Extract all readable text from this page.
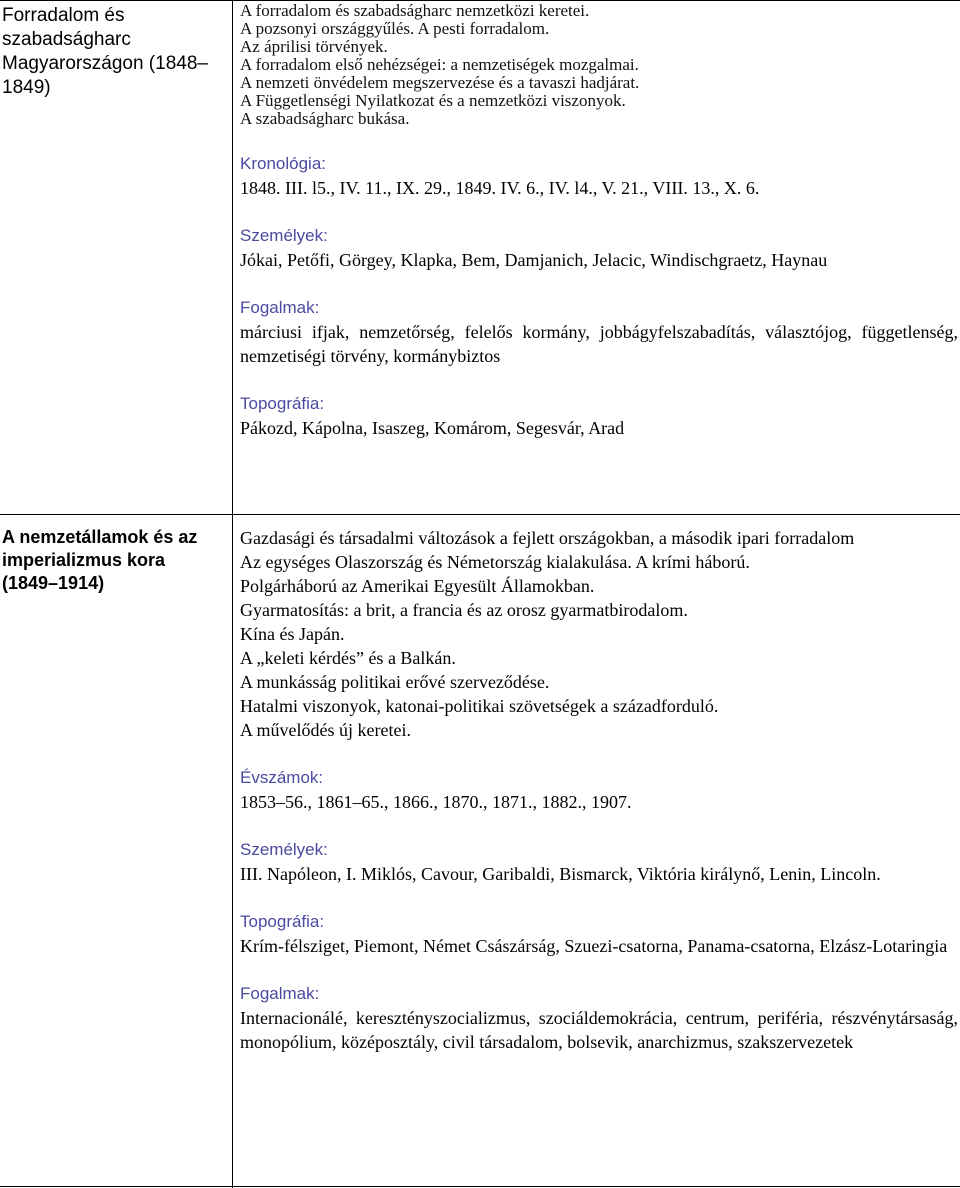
Forradalom és
szabadságharc
Magyarországon (1848–
1849)
A forradalom és szabadságharc nemzetközi keretei.
A pozsonyi országgyűlés. A pesti forradalom.
Az áprilisi törvények.
A forradalom első nehézségei: a nemzetiségek mozgalmai.
A nemzeti önvédelem megszervezése és a tavaszi hadjárat.
A Függetlenségi Nyilatkozat és a nemzetközi viszonyok.
A szabadságharc bukása.
Kronológia:
1848. III. l5., IV. 11., IX. 29., 1849. IV. 6., IV. l4., V. 21., VIII. 13., X. 6.
Személyek:
Jókai, Petőfi, Görgey, Klapka, Bem, Damjanich, Jelacic, Windischgraetz, Haynau
Fogalmak:
márciusi ifjak, nemzetőrség, felelős kormány, jobbágyfelszabadítás, választójog, függetlenség, nemzetiségi törvény, kormánybiztos
Topográfia:
Pákozd, Kápolna, Isaszeg, Komárom, Segesvár, Arad
A nemzetállamok és az
imperializmus kora
(1849–1914)
Gazdasági és társadalmi változások a fejlett országokban, a második ipari forradalom
Az egységes Olaszország és Németország kialakulása. A krími háború.
Polgárháború az Amerikai Egyesült Államokban.
Gyarmatosítás: a brit, a francia és az orosz gyarmatbirodalom.
Kína és Japán.
A „keleti kérdés” és a Balkán.
A munkásság politikai erővé szerveződése.
Hatalmi viszonyok, katonai-politikai szövetségek a századforduló.
A művelődés új keretei.
Évszámok:
1853–56., 1861–65., 1866., 1870., 1871., 1882., 1907.
Személyek:
III. Napóleon, I. Miklós, Cavour, Garibaldi, Bismarck, Viktória királynő, Lenin, Lincoln.
Topográfia:
Krím-félsziget, Piemont, Német Császárság, Szuezi-csatorna, Panama-csatorna, Elzász-Lotaringia
Fogalmak:
Internacionálé, keresztényszocializmus, szociáldemokrácia, centrum, periféria, részvénytársaság, monopólium, középosztály, civil társadalom, bolsevik, anarchizmus, szakszervezetek
